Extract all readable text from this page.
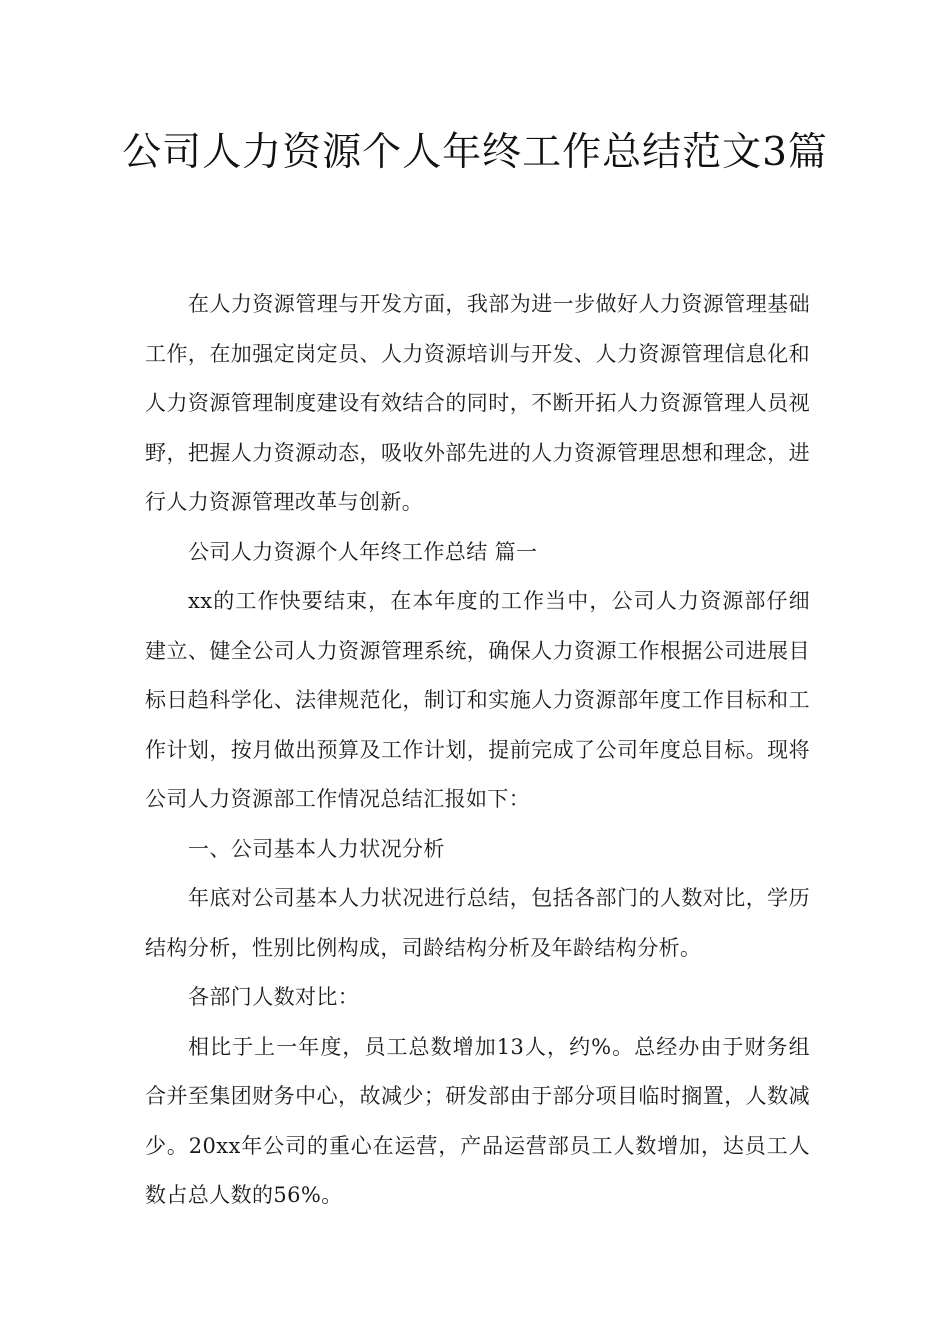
公司人力资源个人年终工作总结范文3篇

在人力资源管理与开发方面，我部为进一步做好人力资源管理基础工作，在加强定岗定员、人力资源培训与开发、人力资源管理信息化和人力资源管理制度建设有效结合的同时，不断开拓人力资源管理人员视野，把握人力资源动态，吸收外部先进的人力资源管理思想和理念，进行人力资源管理改革与创新。

公司人力资源个人年终工作总结 篇一

xx的工作快要结束，在本年度的工作当中，公司人力资源部仔细建立、健全公司人力资源管理系统，确保人力资源工作根据公司进展目标日趋科学化、法律规范化，制订和实施人力资源部年度工作目标和工作计划，按月做出预算及工作计划，提前完成了公司年度总目标。现将公司人力资源部工作情况总结汇报如下：

一、公司基本人力状况分析

年底对公司基本人力状况进行总结，包括各部门的人数对比，学历结构分析，性别比例构成，司龄结构分析及年龄结构分析。

各部门人数对比：

相比于上一年度，员工总数增加13人，约%。总经办由于财务组合并至集团财务中心，故减少；研发部由于部分项目临时搁置，人数减少。20xx年公司的重心在运营，产品运营部员工人数增加，达员工人数占总人数的56%。
